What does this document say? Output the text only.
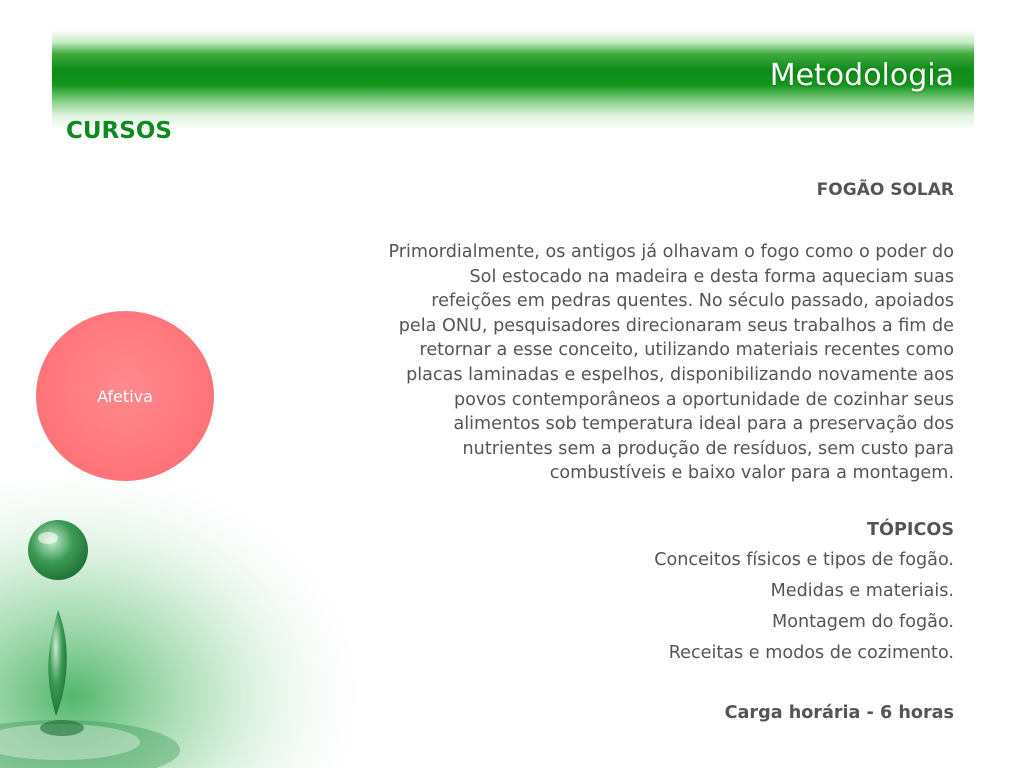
Metodologia
CURSOS
Afetiva
FOGÃO SOLAR
Primordialmente, os antigos já olhavam o fogo como o poder do
Sol estocado na madeira e desta forma aqueciam suas
refeições em pedras quentes. No século passado, apoiados
pela ONU, pesquisadores direcionaram seus trabalhos a fim de
retornar a esse conceito, utilizando materiais recentes como
placas laminadas e espelhos, disponibilizando novamente aos
povos contemporâneos a oportunidade de cozinhar seus
alimentos sob temperatura ideal para a preservação dos
nutrientes sem a produção de resíduos, sem custo para
combustíveis e baixo valor para a montagem.
TÓPICOS
Conceitos físicos e tipos de fogão.
Medidas e materiais.
Montagem do fogão.
Receitas e modos de cozimento.
Carga horária - 6 horas
